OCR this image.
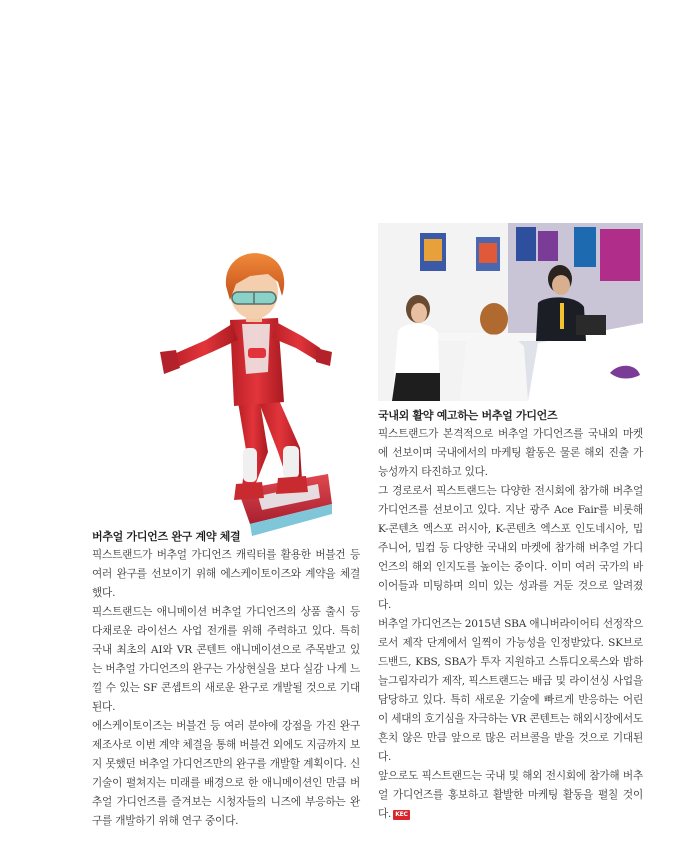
버추얼 가디언즈 완구 계약 체결

픽스트랜드가 버추얼 가디언즈 캐릭터를 활용한 버블건 등 여러 완구를 선보이기 위해 에스케이토이즈와 계약을 체결했다.

픽스트랜드는 애니메이션 버추얼 가디언즈의 상품 출시 등 다채로운 라이선스 사업 전개를 위해 주력하고 있다. 특히 국내 최초의 AI와 VR 콘텐트 애니메이션으로 주목받고 있는 버추얼 가디언즈의 완구는 가상현실을 보다 실감 나게 느낄 수 있는 SF 콘셉트의 새로운 완구로 개발될 것으로 기대된다.

에스케이토이즈는 버블건 등 여러 분야에 강점을 가진 완구 제조사로 이번 계약 체결을 통해 버블건 외에도 지금까지 보지 못했던 버추얼 가디언즈만의 완구를 개발할 계획이다. 신기술이 펼쳐지는 미래를 배경으로 한 애니메이션인 만큼 버추얼 가디언즈를 즐겨보는 시청자들의 니즈에 부응하는 완구를 개발하기 위해 연구 중이다.

국내외 활약 예고하는 버추얼 가디언즈

픽스트랜드가 본격적으로 버추얼 가디언즈를 국내외 마켓에 선보이며 국내에서의 마케팅 활동은 물론 해외 진출 가능성까지 타진하고 있다.

그 경로로서 픽스트랜드는 다양한 전시회에 참가해 버추얼 가디언즈를 선보이고 있다. 지난 광주 Ace Fair를 비롯해 K-콘텐츠 엑스포 러시아, K-콘텐츠 엑스포 인도네시아, 밉주니어, 밉컴 등 다양한 국내외 마켓에 참가해 버추얼 가디언즈의 해외 인지도를 높이는 중이다. 이미 여러 국가의 바이어들과 미팅하며 의미 있는 성과를 거둔 것으로 알려졌다.

버추얼 가디언즈는 2015년 SBA 애니버라이어티 선정작으로서 제작 단계에서 일찍이 가능성을 인정받았다. SK브로드밴드, KBS, SBA가 투자 지원하고 스튜디오룩스와 밤하늘그림자리가 제작, 픽스트랜드는 배급 및 라이선싱 사업을 담당하고 있다. 특히 새로운 기술에 빠르게 반응하는 어린이 세대의 호기심을 자극하는 VR 콘텐트는 해외시장에서도 흔치 않은 만큼 앞으로 많은 러브콜을 받을 것으로 기대된다.

앞으로도 픽스트랜드는 국내 및 해외 전시회에 참가해 버추얼 가디언즈를 홍보하고 활발한 마케팅 활동을 펼칠 것이다. KEC
